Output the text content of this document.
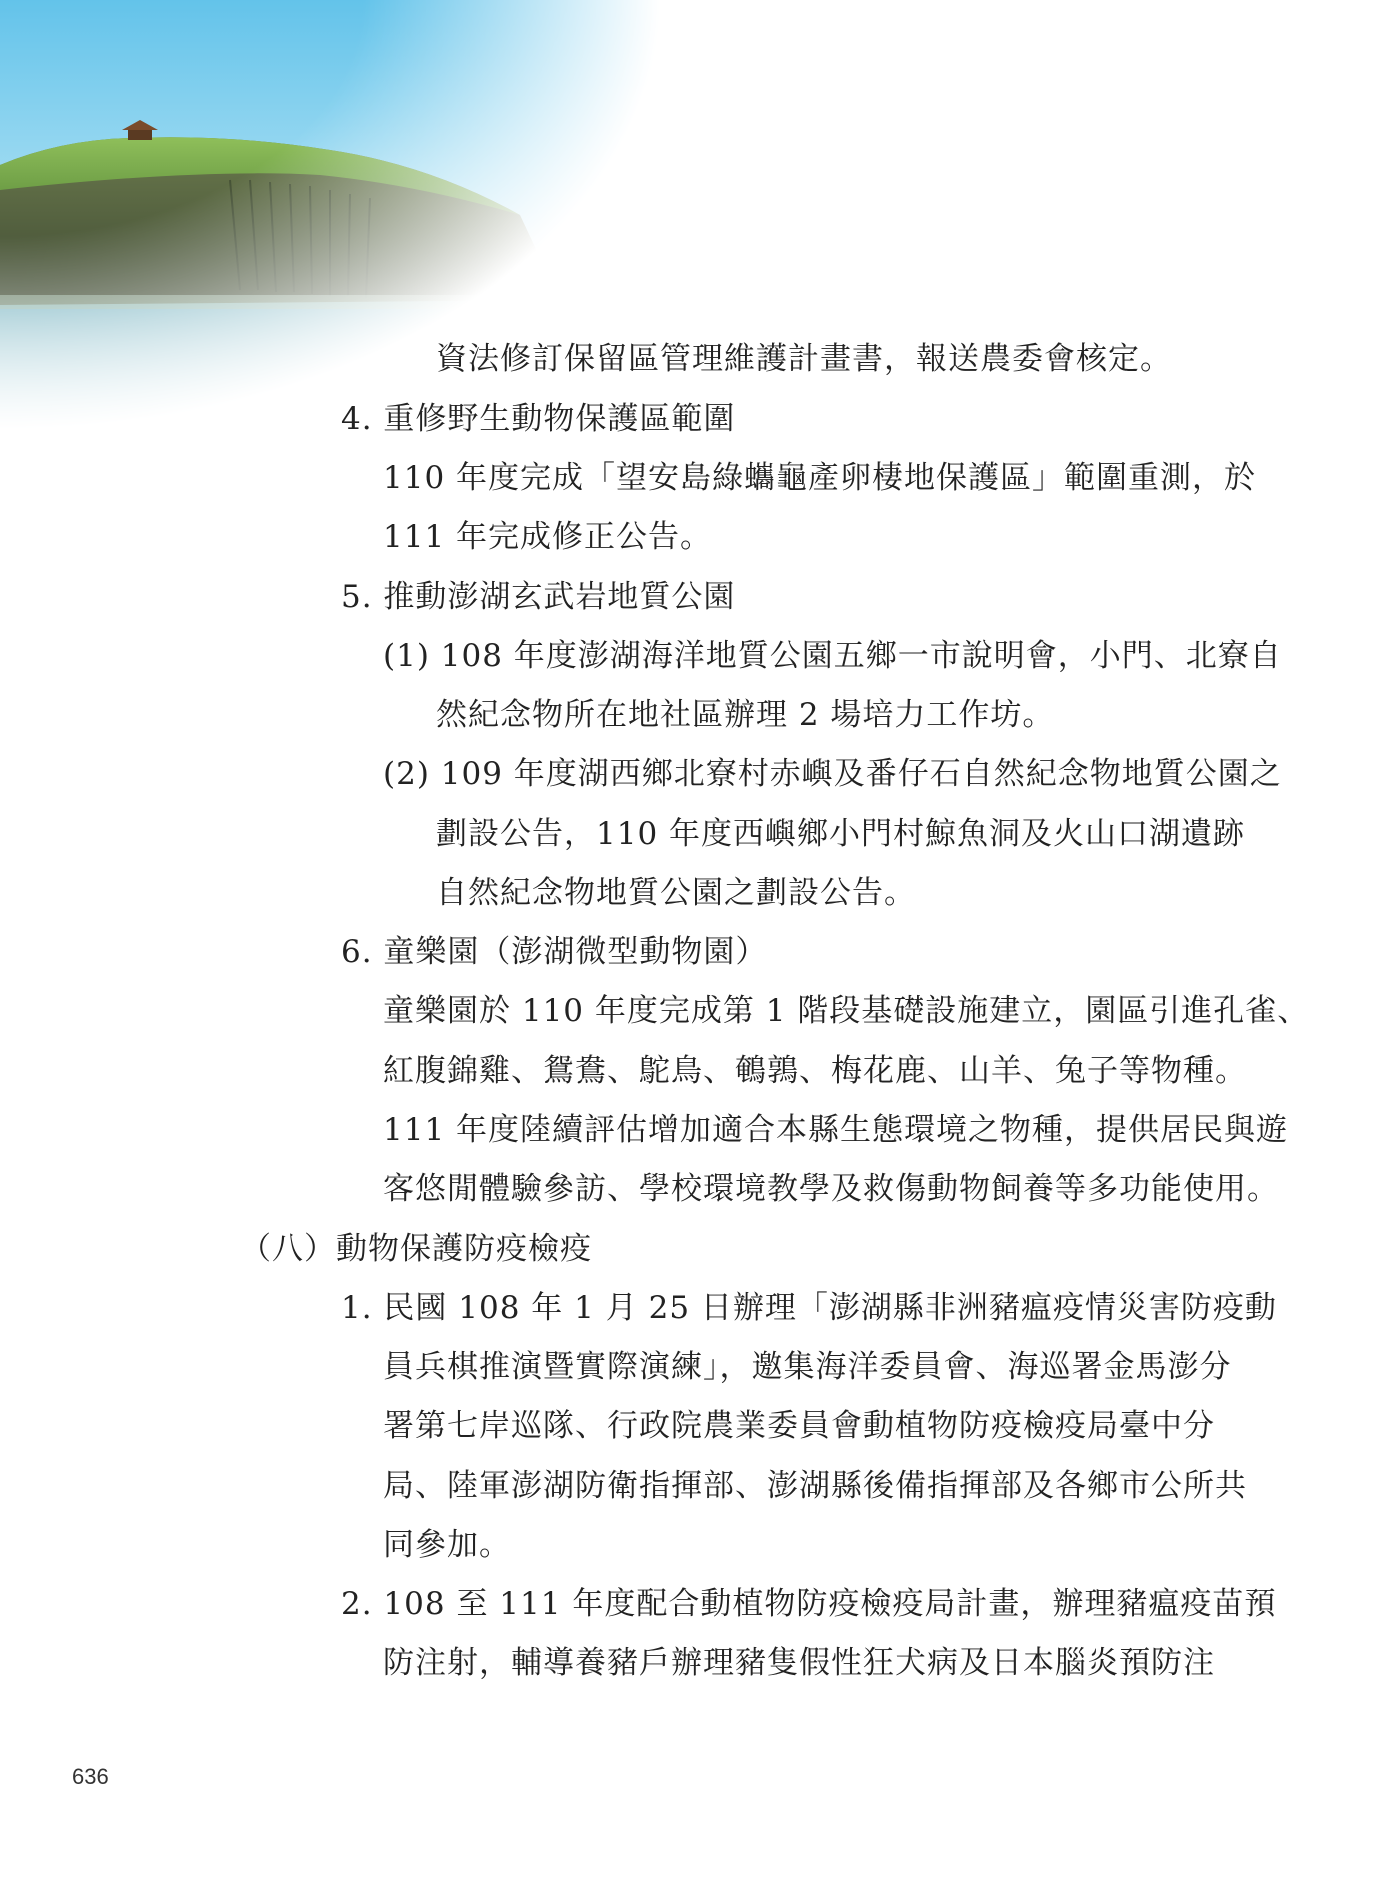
資法修訂保留區管理維護計畫書，報送農委會核定。
4. 重修野生動物保護區範圍
110 年度完成「望安島綠蠵龜產卵棲地保護區」範圍重測，於
111 年完成修正公告。
5. 推動澎湖玄武岩地質公園
(1) 108 年度澎湖海洋地質公園五鄉一市說明會，小門、北寮自
然紀念物所在地社區辦理 2 場培力工作坊。
(2) 109 年度湖西鄉北寮村赤嶼及番仔石自然紀念物地質公園之
劃設公告，110 年度西嶼鄉小門村鯨魚洞及火山口湖遺跡
自然紀念物地質公園之劃設公告。
6. 童樂園（澎湖微型動物園）
童樂園於 110 年度完成第 1 階段基礎設施建立，園區引進孔雀、
紅腹錦雞、鴛鴦、鴕鳥、鵪鶉、梅花鹿、山羊、兔子等物種。
111 年度陸續評估增加適合本縣生態環境之物種，提供居民與遊
客悠閒體驗參訪、學校環境教學及救傷動物飼養等多功能使用。
（八）動物保護防疫檢疫
1. 民國 108 年 1 月 25 日辦理「澎湖縣非洲豬瘟疫情災害防疫動
員兵棋推演暨實際演練」，邀集海洋委員會、海巡署金馬澎分
署第七岸巡隊、行政院農業委員會動植物防疫檢疫局臺中分
局、陸軍澎湖防衛指揮部、澎湖縣後備指揮部及各鄉市公所共
同參加。
2. 108 至 111 年度配合動植物防疫檢疫局計畫，辦理豬瘟疫苗預
防注射，輔導養豬戶辦理豬隻假性狂犬病及日本腦炎預防注
636
